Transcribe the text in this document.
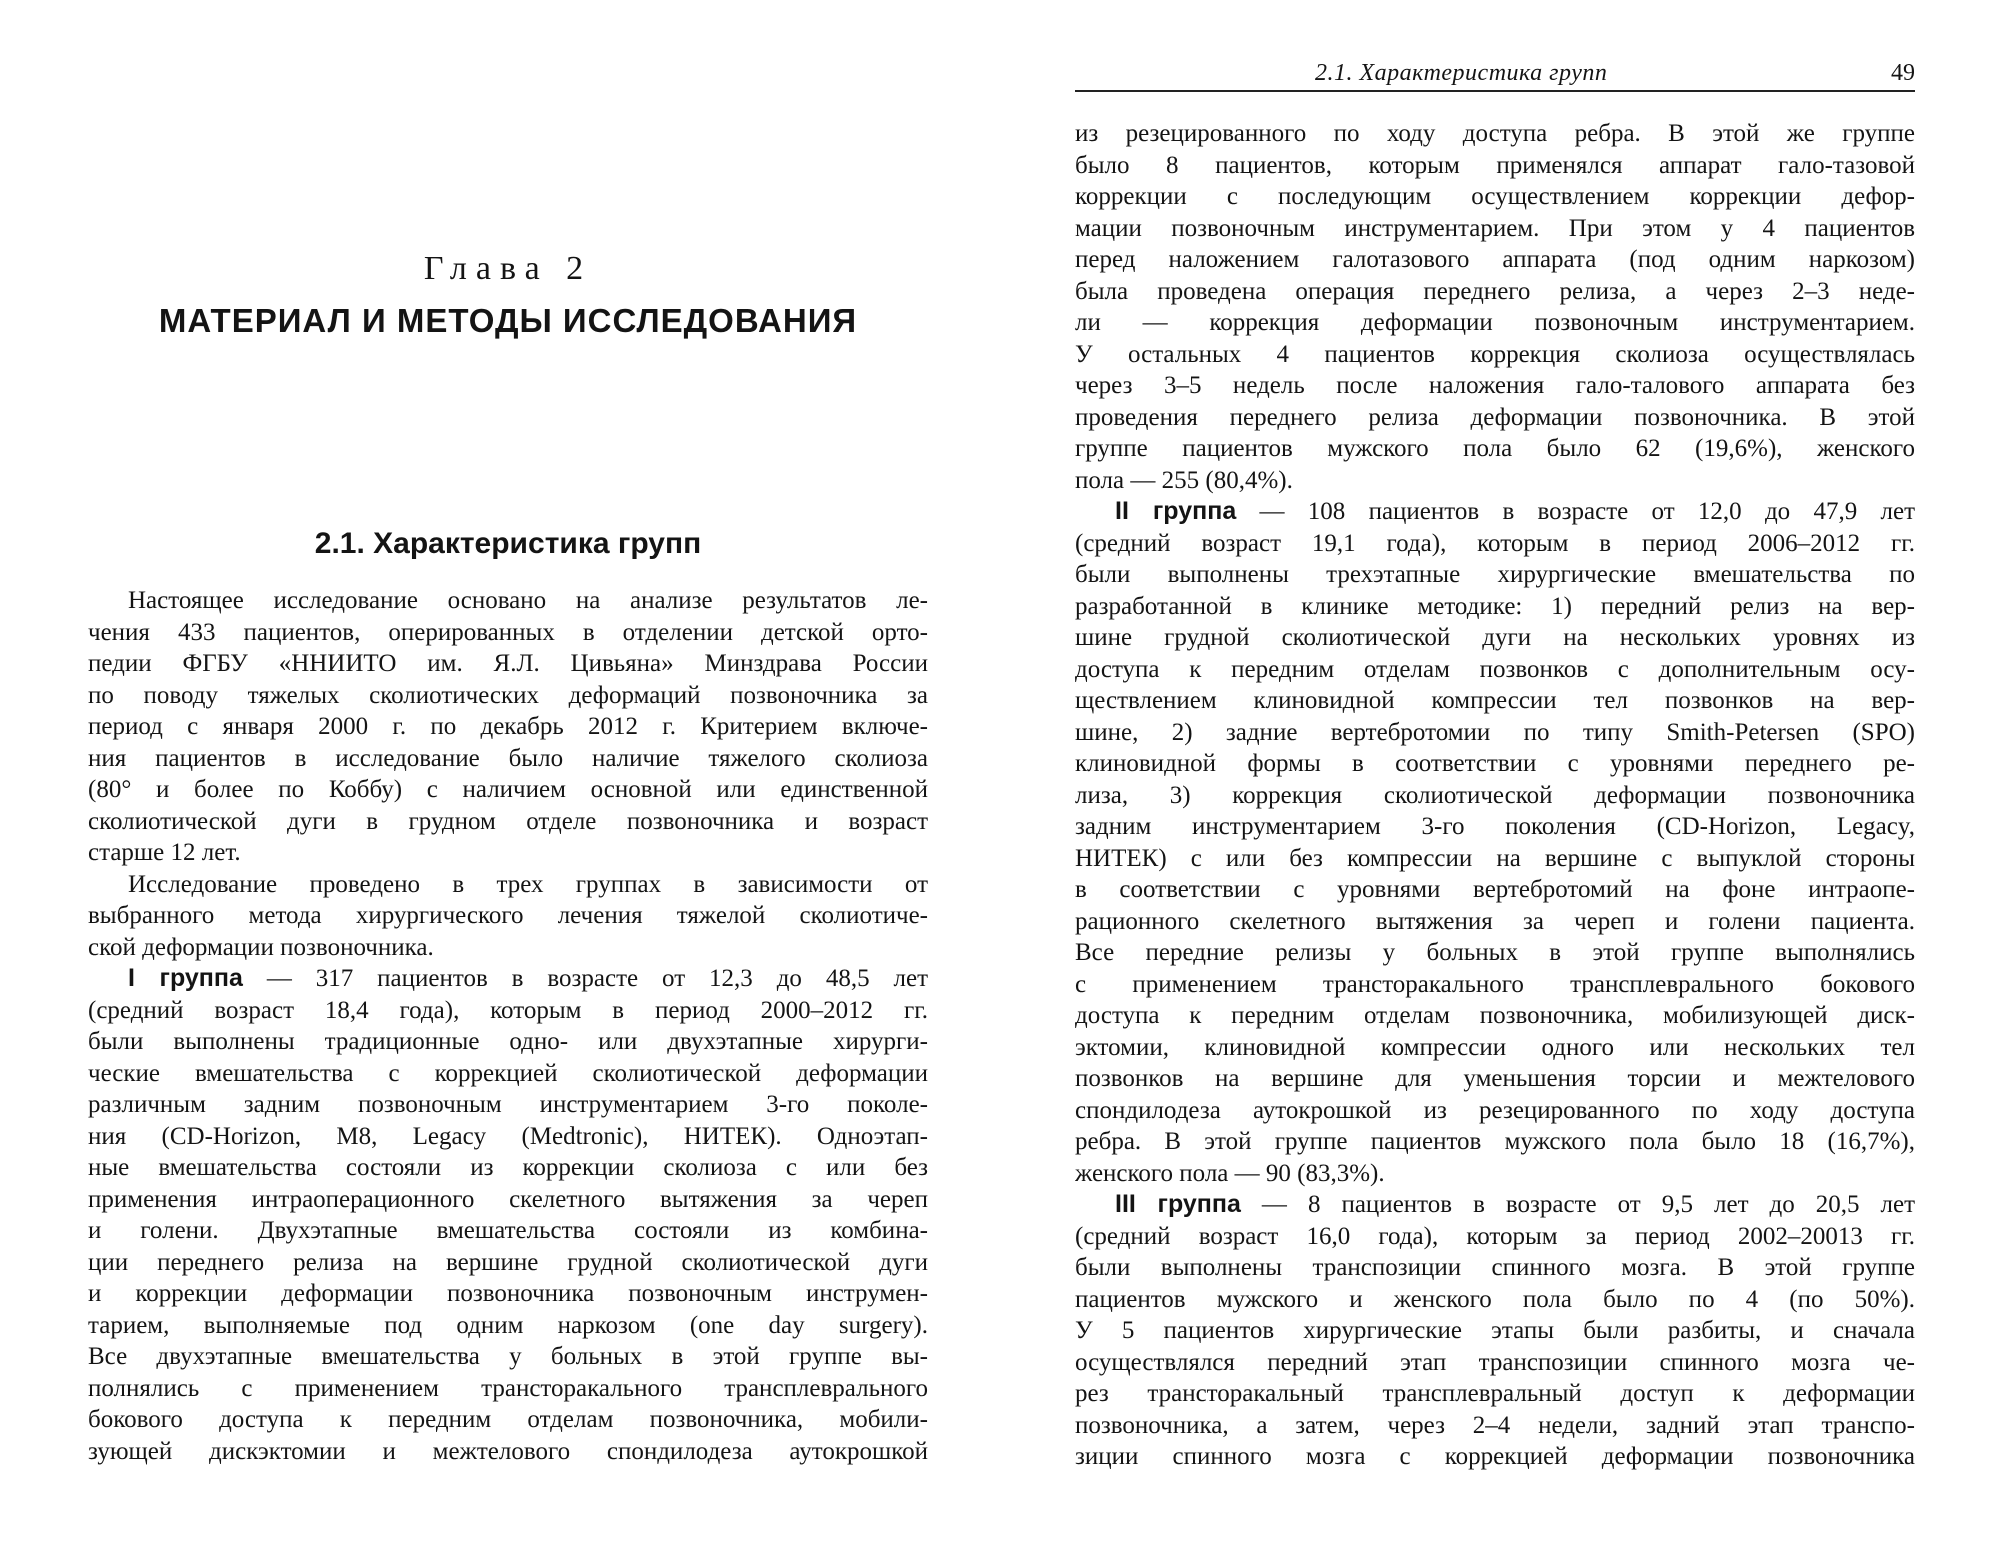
Глава 2
МАТЕРИАЛ И МЕТОДЫ ИССЛЕДОВАНИЯ
2.1. Характеристика групп
Настоящее исследование основано на анализе результатов ле-
чения 433 пациентов, оперированных в отделении детской орто-
педии ФГБУ «ННИИТО им. Я.Л. Цивьяна» Минздрава России
по поводу тяжелых сколиотических деформаций позвоночника за
период с января 2000 г. по декабрь 2012 г. Критерием включе-
ния пациентов в исследование было наличие тяжелого сколиоза
(80° и более по Коббу) с наличием основной или единственной
сколиотической дуги в грудном отделе позвоночника и возраст
старше 12 лет.
Исследование проведено в трех группах в зависимости от
выбранного метода хирургического лечения тяжелой сколиотиче-
ской деформации позвоночника.
I группа — 317 пациентов в возрасте от 12,3 до 48,5 лет
(средний возраст 18,4 года), которым в период 2000–2012 гг.
были выполнены традиционные одно- или двухэтапные хирурги-
ческие вмешательства с коррекцией сколиотической деформации
различным задним позвоночным инструментарием 3-го поколе-
ния (CD-Horizon, M8, Legacy (Medtronic), НИТЕК). Одноэтап-
ные вмешательства состояли из коррекции сколиоза с или без
применения интраоперационного скелетного вытяжения за череп
и голени. Двухэтапные вмешательства состояли из комбина-
ции переднего релиза на вершине грудной сколиотической дуги
и коррекции деформации позвоночника позвоночным инструмен-
тарием, выполняемые под одним наркозом (one day surgery).
Все двухэтапные вмешательства у больных в этой группе вы-
полнялись с применением трансторакального трансплеврального
бокового доступа к передним отделам позвоночника, мобили-
зующей дискэктомии и межтелового спондилодеза аутокрошкой
2.1. Характеристика групп	49
из резецированного по ходу доступа ребра. В этой же группе
было 8 пациентов, которым применялся аппарат гало-тазовой
коррекции с последующим осуществлением коррекции дефор-
мации позвоночным инструментарием. При этом у 4 пациентов
перед наложением галотазового аппарата (под одним наркозом)
была проведена операция переднего релиза, а через 2–3 неде-
ли — коррекция деформации позвоночным инструментарием.
У остальных 4 пациентов коррекция сколиоза осуществлялась
через 3–5 недель после наложения гало-талового аппарата без
проведения переднего релиза деформации позвоночника. В этой
группе пациентов мужского пола было 62 (19,6%), женского
пола — 255 (80,4%).
II группа — 108 пациентов в возрасте от 12,0 до 47,9 лет
(средний возраст 19,1 года), которым в период 2006–2012 гг.
были выполнены трехэтапные хирургические вмешательства по
разработанной в клинике методике: 1) передний релиз на вер-
шине грудной сколиотической дуги на нескольких уровнях из
доступа к передним отделам позвонков с дополнительным осу-
ществлением клиновидной компрессии тел позвонков на вер-
шине, 2) задние вертебротомии по типу Smith-Petersen (SPO)
клиновидной формы в соответствии с уровнями переднего ре-
лиза, 3) коррекция сколиотической деформации позвоночника
задним инструментарием 3-го поколения (CD-Horizon, Legacy,
НИТЕК) с или без компрессии на вершине с выпуклой стороны
в соответствии с уровнями вертебротомий на фоне интраопе-
рационного скелетного вытяжения за череп и голени пациента.
Все передние релизы у больных в этой группе выполнялись
с применением трансторакального трансплеврального бокового
доступа к передним отделам позвоночника, мобилизующей диск-
эктомии, клиновидной компрессии одного или нескольких тел
позвонков на вершине для уменьшения торсии и межтелового
спондилодеза аутокрошкой из резецированного по ходу доступа
ребра. В этой группе пациентов мужского пола было 18 (16,7%),
женского пола — 90 (83,3%).
III группа — 8 пациентов в возрасте от 9,5 лет до 20,5 лет
(средний возраст 16,0 года), которым за период 2002–20013 гг.
были выполнены транспозиции спинного мозга. В этой группе
пациентов мужского и женского пола было по 4 (по 50%).
У 5 пациентов хирургические этапы были разбиты, и сначала
осуществлялся передний этап транспозиции спинного мозга че-
рез трансторакальный трансплевральный доступ к деформации
позвоночника, а затем, через 2–4 недели, задний этап транспо-
зиции спинного мозга с коррекцией деформации позвоночника
